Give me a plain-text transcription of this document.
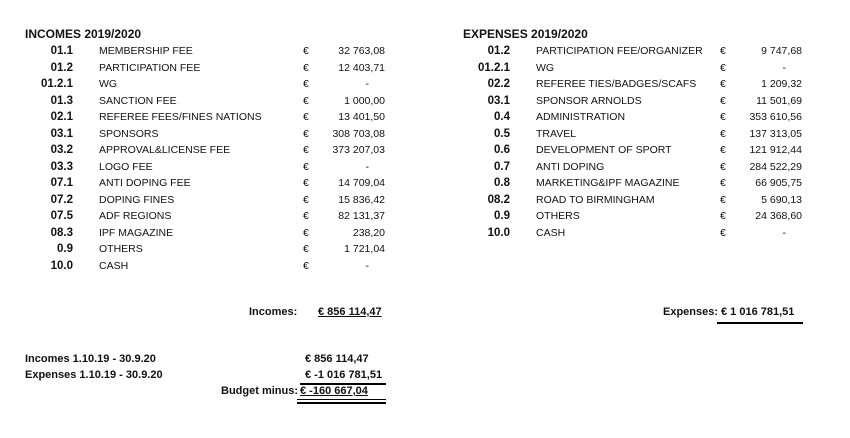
INCOMES 2019/2020
01.1 MEMBERSHIP FEE	€	32 763,08
01.2 PARTICIPATION FEE	€	12 403,71
01.2.1 WG	€	-
01.3 SANCTION FEE	€	1 000,00
02.1 REFEREE FEES/FINES NATIONS	€	13 401,50
03.1 SPONSORS	€ 308 703,08
03.2 APPROVAL&LICENSE FEE	€ 373 207,03
03.3 LOGO FEE	€	-
07.1 ANTI DOPING FEE	€	14 709,04
07.2 DOPING FINES	€	15 836,42
07.5 ADF REGIONS	€	82 131,37
08.3 IPF MAGAZINE	€	238,20
0.9 OTHERS	€	1 721,04
10.0 CASH	€	-
Incomes: € 856 114,47
EXPENSES 2019/2020
01.2 PARTICIPATION FEE/ORGANIZER €	9 747,68
01.2.1 WG	€	-
02.2 REFEREE TIES/BADGES/SCAFS €	1 209,32
03.1 SPONSOR ARNOLDS	€	11 501,69
0.4 ADMINISTRATION	€ 353 610,56
0.5 TRAVEL	€ 137 313,05
0.6 DEVELOPMENT OF SPORT	€ 121 912,44
0.7 ANTI DOPING	€ 284 522,29
0.8 MARKETING&IPF MAGAZINE	€	66 905,75
08.2 ROAD TO BIRMINGHAM	€	5 690,13
0.9 OTHERS	€	24 368,60
10.0 CASH	€	-
Expenses: € 1 016 781,51
Incomes 1.10.19 - 30.9.20	€ 856 114,47
Expenses 1.10.19 - 30.9.20	€ -1 016 781,51
Budget minus: € -160 667,04
